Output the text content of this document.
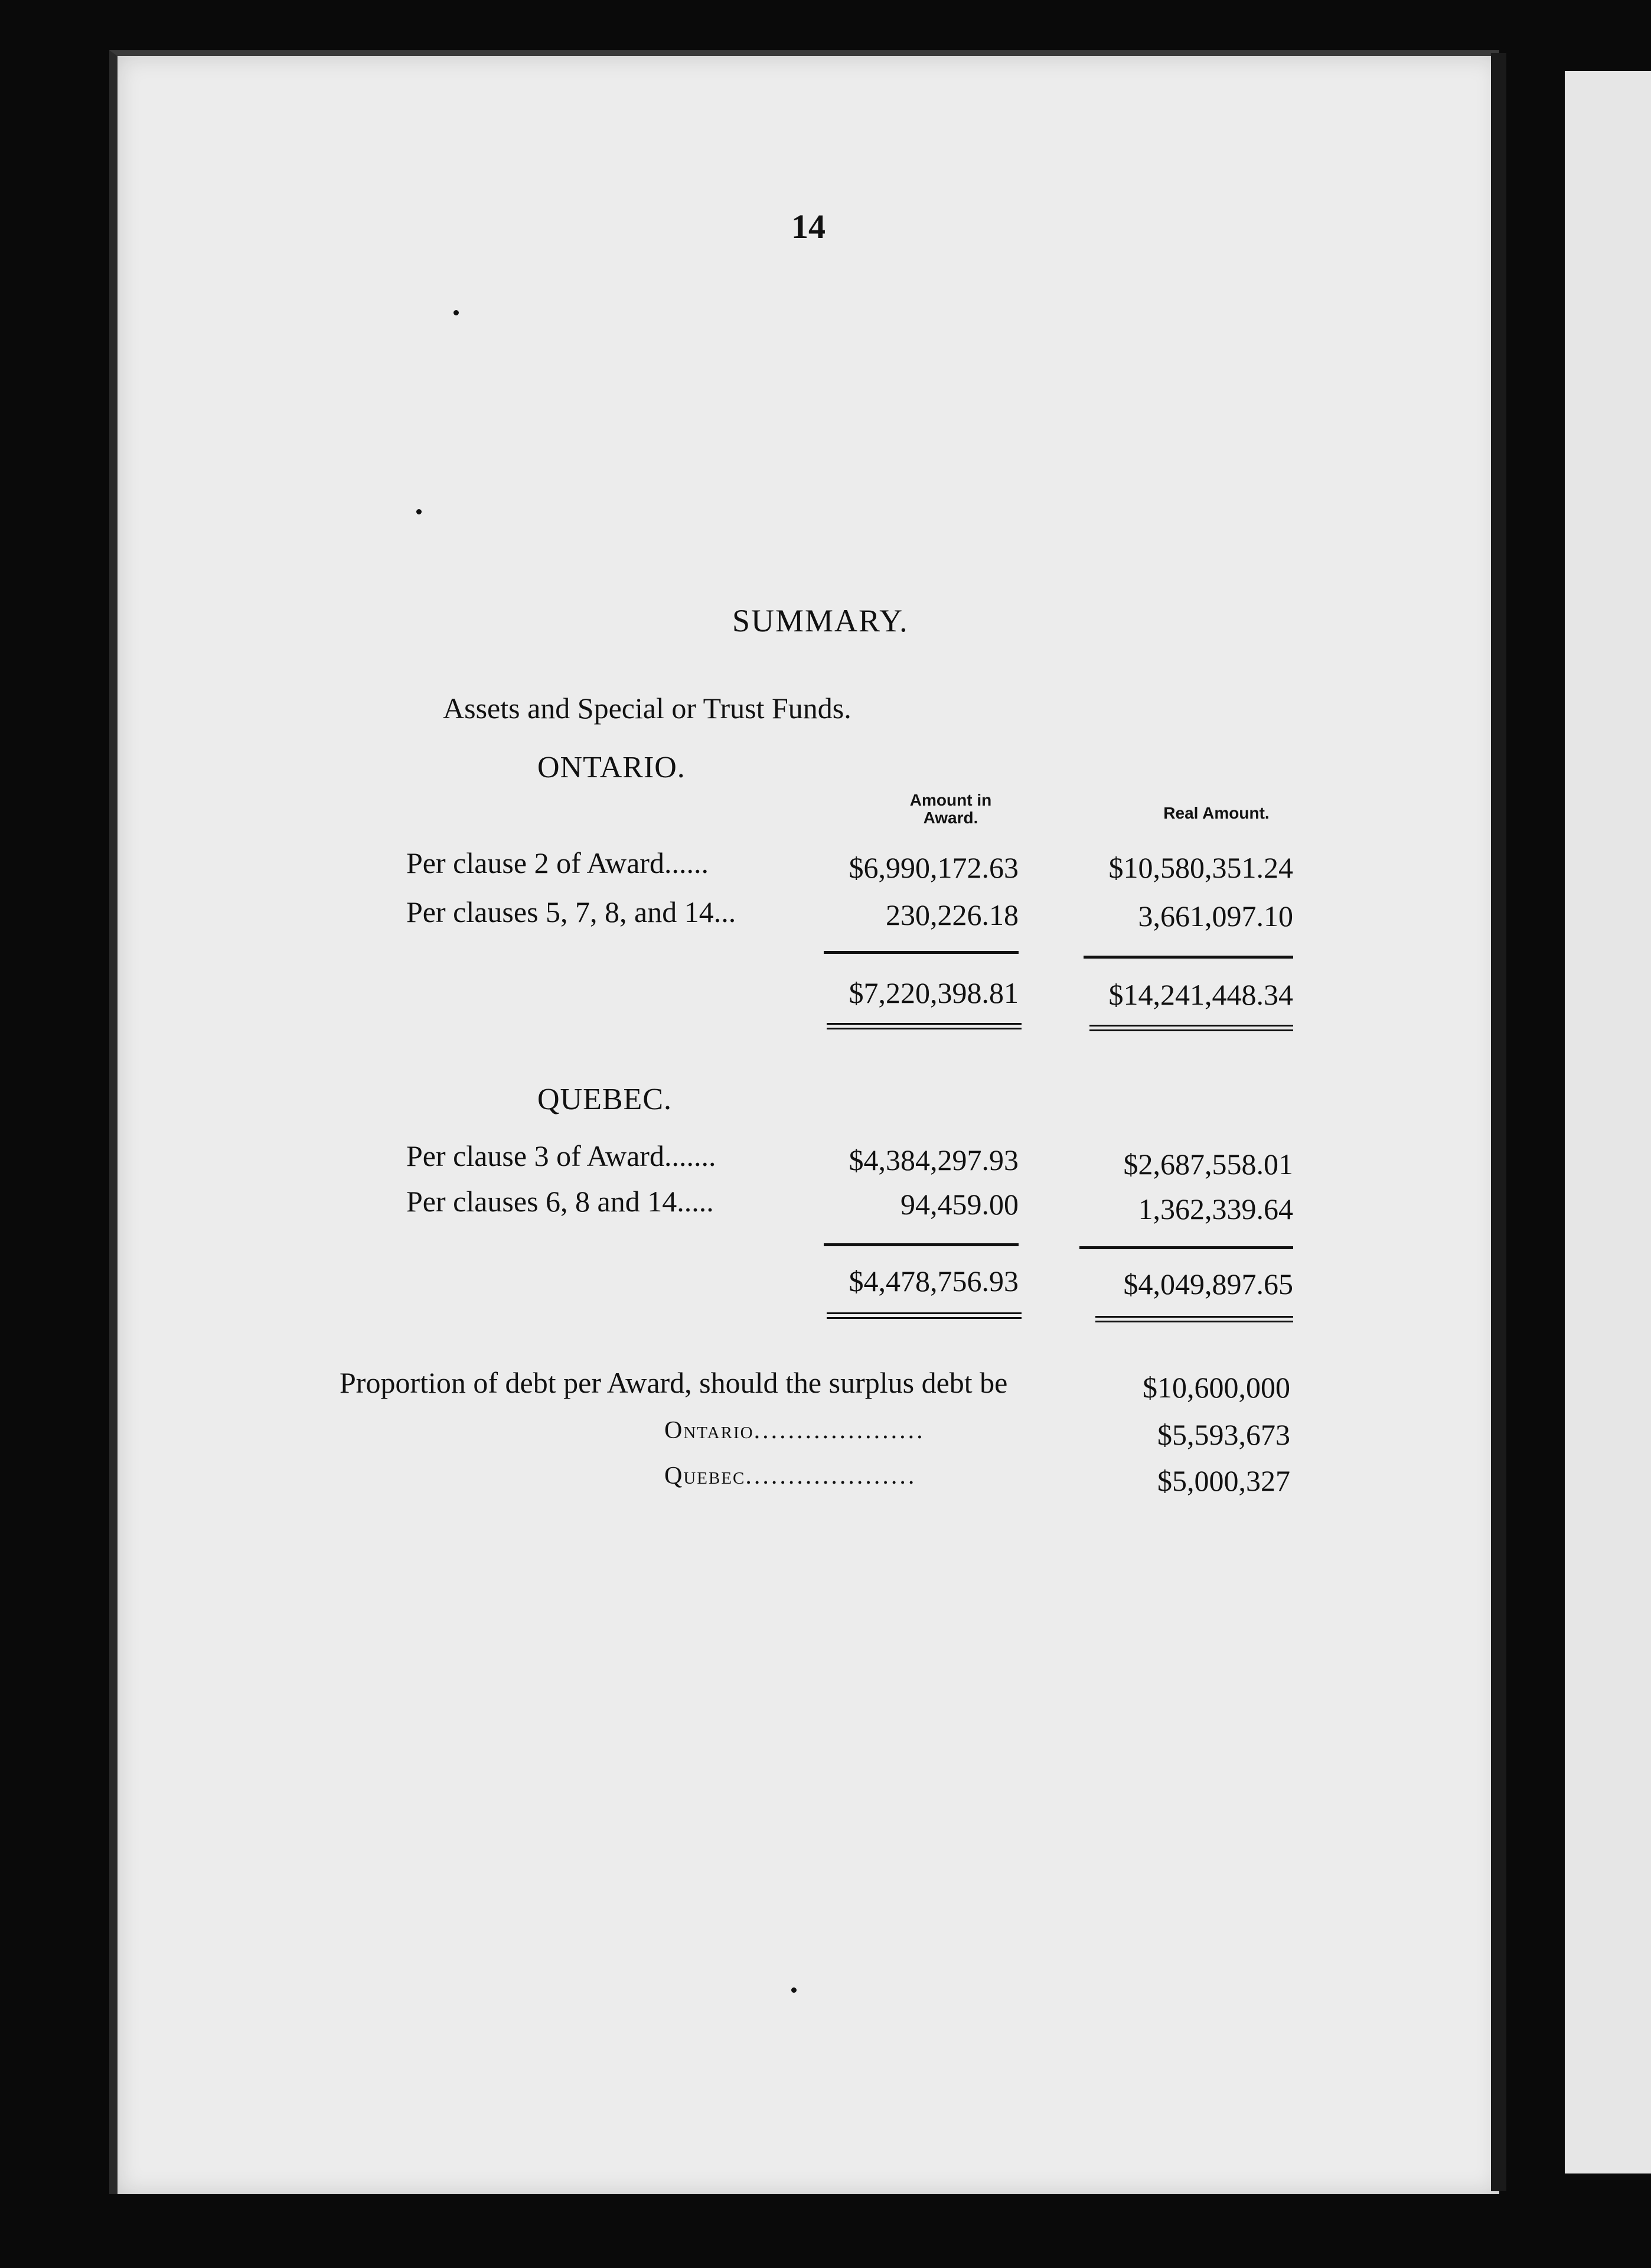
14
SUMMARY.
Assets and Special or Trust Funds.
ONTARIO.
Amount in
Award.	Real Amount.
Per clause 2 of Award......	$6,990,172.63	$10,580,351.24
Per clauses 5, 7, 8, and 14...	230,226.18	3,661,097.10
$7,220,398.81	$14,241,448.34
QUEBEC.
Per clause 3 of Award.......	$4,384,297.93	$2,687,558.01
Per clauses 6, 8 and 14.....	94,459.00	1,362,339.64
$4,478,756.93	$4,049,897.65
Proportion of debt per Award, should the surplus debt be	$10,600,000
Ontario....................	$5,593,673
Quebec....................	$5,000,327
